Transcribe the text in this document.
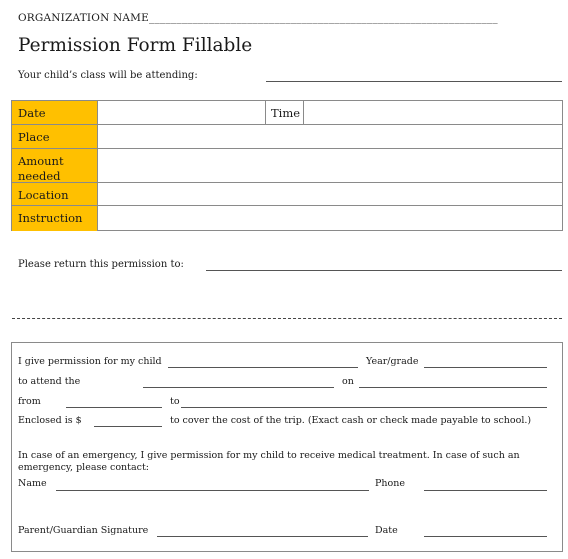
ORGANIZATION NAME________________________________________________________________
Permission Form Fillable
Your child’s class will be attending:
Date	Time
Place
Amount needed
Location
Instruction
Please return this permission to:
I give permission for my child	Year/grade
to attend the	on
from	to
Enclosed is $	to cover the cost of the trip. (Exact cash or check made payable to school.)
In case of an emergency, I give permission for my child to receive medical treatment. In case of such an emergency, please contact:
Name	Phone
Parent/Guardian Signature	Date
